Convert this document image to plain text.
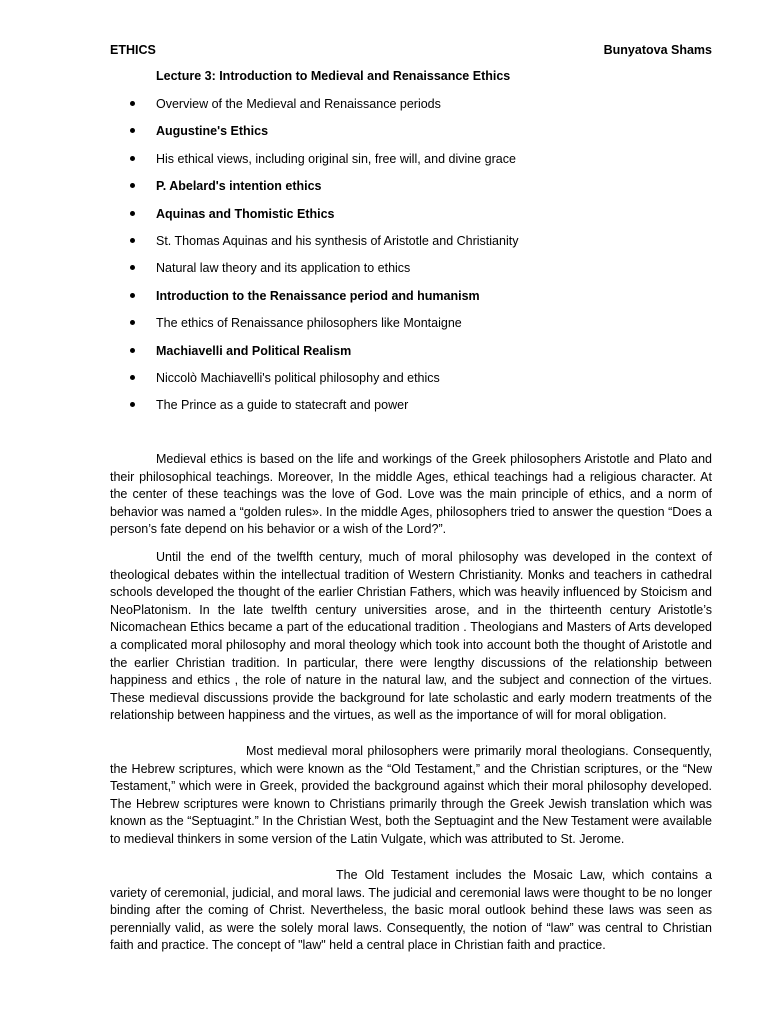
ETHICS	Bunyatova Shams
Lecture 3: Introduction to Medieval and Renaissance Ethics
Overview of the Medieval and Renaissance periods
Augustine's Ethics
His ethical views, including original sin, free will, and divine grace
P. Abelard's intention ethics
Aquinas and Thomistic Ethics
St. Thomas Aquinas and his synthesis of Aristotle and Christianity
Natural law theory and its application to ethics
Introduction to the Renaissance period and humanism
The ethics of Renaissance philosophers like Montaigne
Machiavelli and Political Realism
Niccolò Machiavelli's political philosophy and ethics
The Prince as a guide to statecraft and power

Medieval ethics is based on the life and workings of the Greek philosophers Aristotle and Plato and their philosophical teachings. Moreover, In the middle Ages, ethical teachings had a religious character. At the center of these teachings was the love of God. Love was the main principle of ethics, and a norm of behavior was named a “golden rules». In the middle Ages, philosophers tried to answer the question “Does a person’s fate depend on his behavior or a wish of the Lord?”.

Until the end of the twelfth century, much of moral philosophy was developed in the context of theological debates within the intellectual tradition of Western Christianity. Monks and teachers in cathedral schools developed the thought of the earlier Christian Fathers, which was heavily influenced by Stoicism and NeoPlatonism. In the late twelfth century universities arose, and in the thirteenth century Aristotle’s Nicomachean Ethics became a part of the educational tradition . Theologians and Masters of Arts developed a complicated moral philosophy and moral theology which took into account both the thought of Aristotle and the earlier Christian tradition. In particular, there were lengthy discussions of the relationship between happiness and ethics , the role of nature in the natural law, and the subject and connection of the virtues. These medieval discussions provide the background for late scholastic and early modern treatments of the relationship between happiness and the virtues, as well as the importance of will for moral obligation.

Most medieval moral philosophers were primarily moral theologians. Consequently, the Hebrew scriptures, which were known as the “Old Testament,” and the Christian scriptures, or the “New Testament,” which were in Greek, provided the background against which their moral philosophy developed. The Hebrew scriptures were known to Christians primarily through the Greek Jewish translation which was known as the “Septuagint.” In the Christian West, both the Septuagint and the New Testament were available to medieval thinkers in some version of the Latin Vulgate, which was attributed to St. Jerome.

The Old Testament includes the Mosaic Law, which contains a variety of ceremonial, judicial, and moral laws. The judicial and ceremonial laws were thought to be no longer binding after the coming of Christ. Nevertheless, the basic moral outlook behind these laws was seen as perennially valid, as were the solely moral laws. Consequently, the notion of “law” was central to Christian faith and practice. The concept of "law" held a central place in Christian faith and practice.
